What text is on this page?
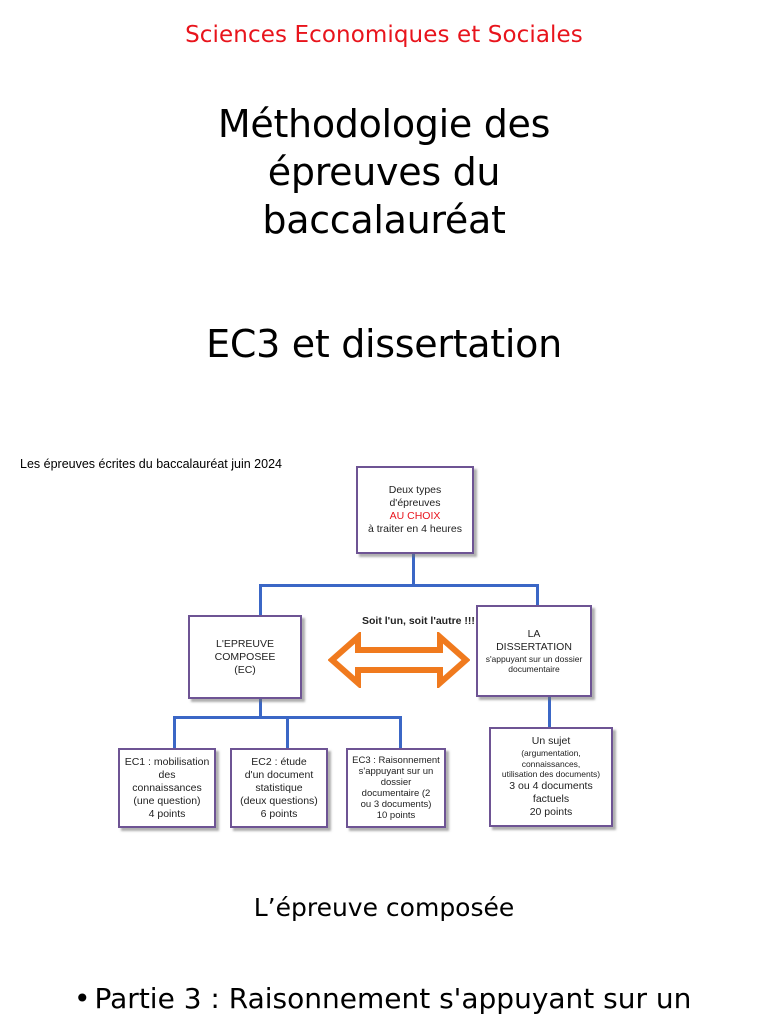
Sciences Economiques et Sociales
Méthodologie des
épreuves du
baccalauréat
EC3 et dissertation
Les épreuves écrites du baccalauréat juin 2024
Soit l'un, soit l'autre !!!
Deux types
d'épreuves
AU CHOIX
à traiter en 4 heures
L'EPREUVE
COMPOSEE
(EC)
LA
DISSERTATION
s'appuyant sur un dossier
documentaire
EC1 : mobilisation
des
connaissances
(une question)
4 points
EC2 : étude
d'un document
statistique
(deux questions)
6 points
EC3 : Raisonnement
s'appuyant sur un
dossier
documentaire (2
ou 3 documents)
10 points
Un sujet
(argumentation, connaissances,
utilisation des documents)
3 ou 4 documents
factuels
20 points
L’épreuve composée
• Partie 3 : Raisonnement s'appuyant sur un
